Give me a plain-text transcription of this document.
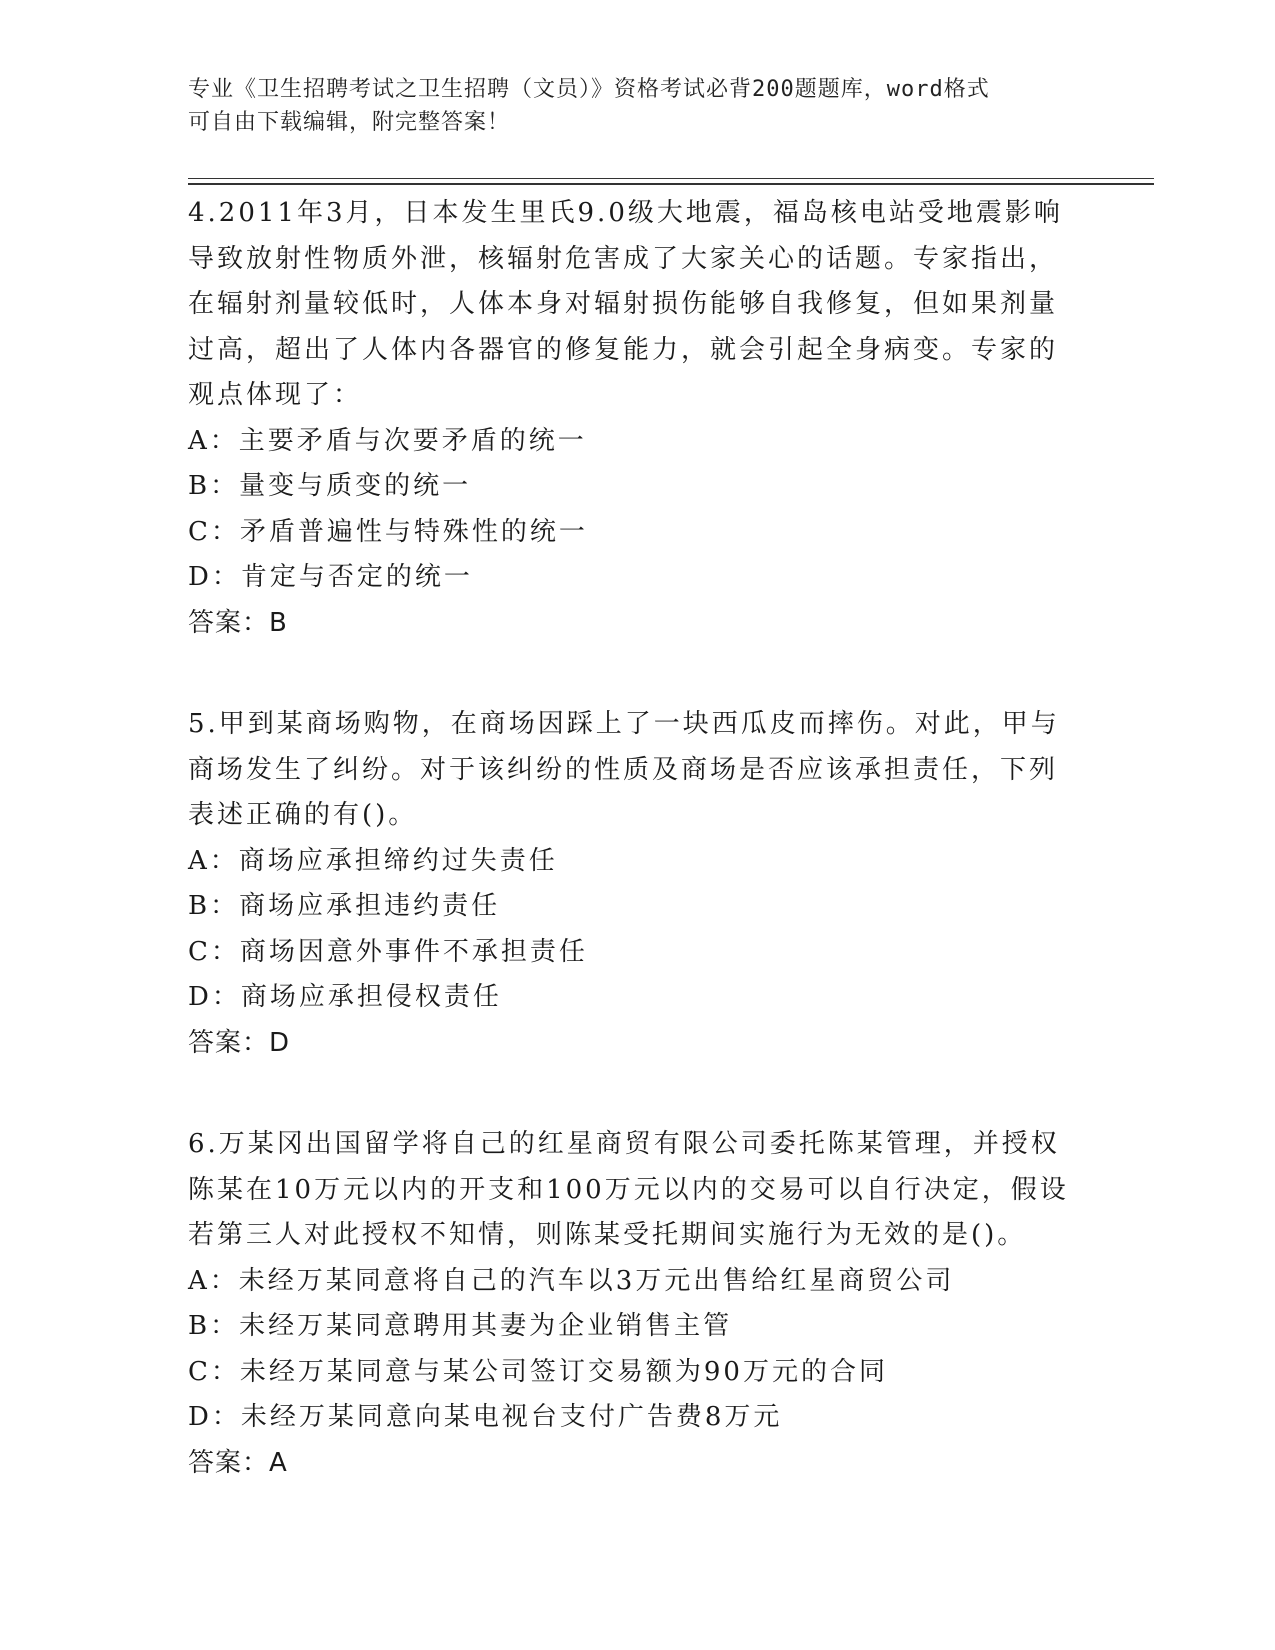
专业《卫生招聘考试之卫生招聘（文员）》资格考试必背200题题库，word格式
可自由下载编辑，附完整答案！
4.2011年3月，日本发生里氏9.0级大地震，福岛核电站受地震影响
导致放射性物质外泄，核辐射危害成了大家关心的话题。专家指出，
在辐射剂量较低时，人体本身对辐射损伤能够自我修复，但如果剂量
过高，超出了人体内各器官的修复能力，就会引起全身病变。专家的
观点体现了：
A：主要矛盾与次要矛盾的统一
B：量变与质变的统一
C：矛盾普遍性与特殊性的统一
D：肯定与否定的统一
答案：B
5.甲到某商场购物，在商场因踩上了一块西瓜皮而摔伤。对此，甲与
商场发生了纠纷。对于该纠纷的性质及商场是否应该承担责任，下列
表述正确的有()。
A：商场应承担缔约过失责任
B：商场应承担违约责任
C：商场因意外事件不承担责任
D：商场应承担侵权责任
答案：D
6.万某冈出国留学将自己的红星商贸有限公司委托陈某管理，并授权
陈某在10万元以内的开支和100万元以内的交易可以自行决定，假设
若第三人对此授权不知情，则陈某受托期间实施行为无效的是()。
A：未经万某同意将自己的汽车以3万元出售给红星商贸公司
B：未经万某同意聘用其妻为企业销售主管
C：未经万某同意与某公司签订交易额为90万元的合同
D：未经万某同意向某电视台支付广告费8万元
答案：A
